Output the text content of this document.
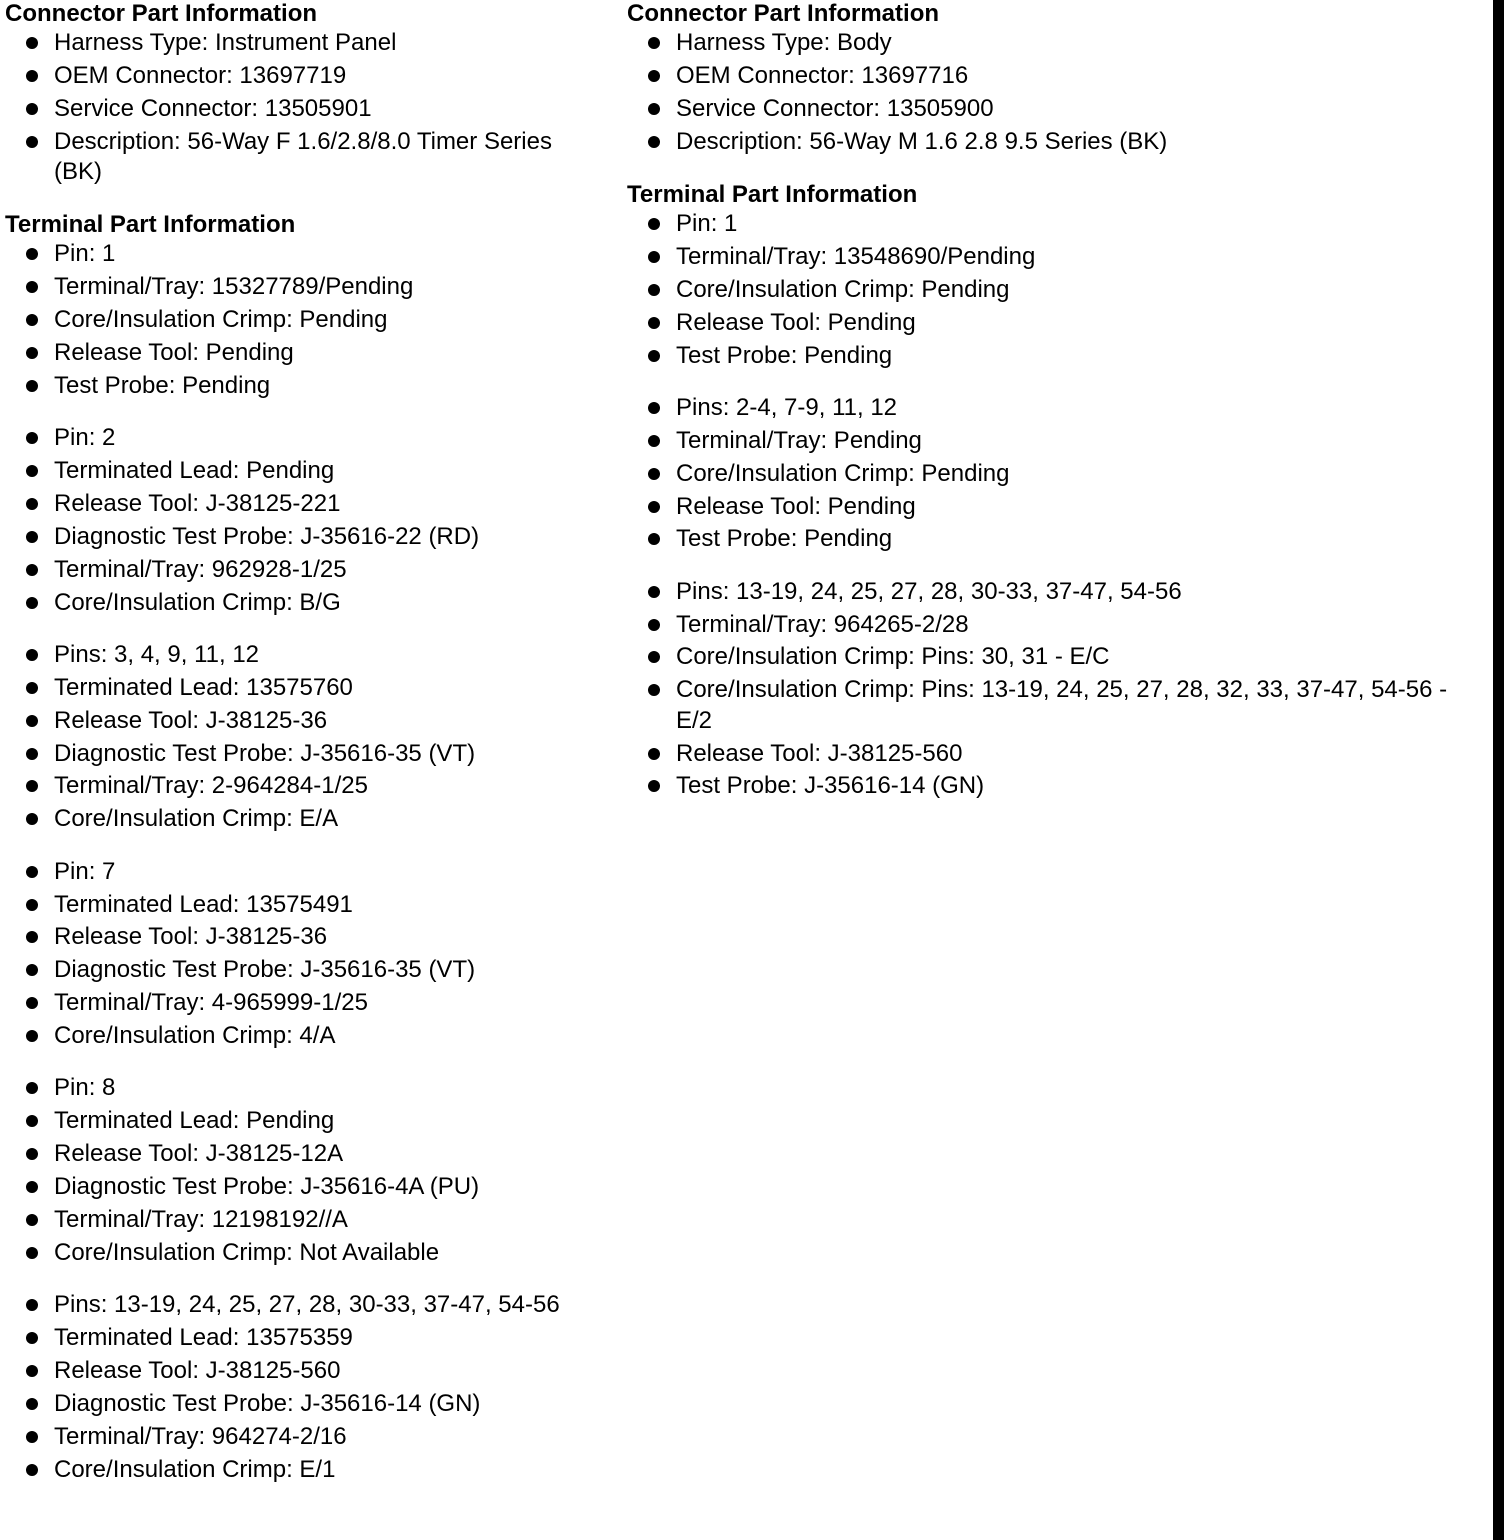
Connector Part Information
Harness Type: Instrument Panel
OEM Connector: 13697719
Service Connector: 13505901
Description: 56-Way F 1.6/2.8/8.0 Timer Series (BK)
Terminal Part Information
Pin: 1
Terminal/Tray: 15327789/Pending
Core/Insulation Crimp: Pending
Release Tool: Pending
Test Probe: Pending
Pin: 2
Terminated Lead: Pending
Release Tool: J-38125-221
Diagnostic Test Probe: J-35616-22 (RD)
Terminal/Tray: 962928-1/25
Core/Insulation Crimp: B/G
Pins: 3, 4, 9, 11, 12
Terminated Lead: 13575760
Release Tool: J-38125-36
Diagnostic Test Probe: J-35616-35 (VT)
Terminal/Tray: 2-964284-1/25
Core/Insulation Crimp: E/A
Pin: 7
Terminated Lead: 13575491
Release Tool: J-38125-36
Diagnostic Test Probe: J-35616-35 (VT)
Terminal/Tray: 4-965999-1/25
Core/Insulation Crimp: 4/A
Pin: 8
Terminated Lead: Pending
Release Tool: J-38125-12A
Diagnostic Test Probe: J-35616-4A (PU)
Terminal/Tray: 12198192//A
Core/Insulation Crimp: Not Available
Pins: 13-19, 24, 25, 27, 28, 30-33, 37-47, 54-56
Terminated Lead: 13575359
Release Tool: J-38125-560
Diagnostic Test Probe: J-35616-14 (GN)
Terminal/Tray: 964274-2/16
Core/Insulation Crimp: E/1
Connector Part Information
Harness Type: Body
OEM Connector: 13697716
Service Connector: 13505900
Description: 56-Way M 1.6 2.8 9.5 Series (BK)
Terminal Part Information
Pin: 1
Terminal/Tray: 13548690/Pending
Core/Insulation Crimp: Pending
Release Tool: Pending
Test Probe: Pending
Pins: 2-4, 7-9, 11, 12
Terminal/Tray: Pending
Core/Insulation Crimp: Pending
Release Tool: Pending
Test Probe: Pending
Pins: 13-19, 24, 25, 27, 28, 30-33, 37-47, 54-56
Terminal/Tray: 964265-2/28
Core/Insulation Crimp: Pins: 30, 31 - E/C
Core/Insulation Crimp: Pins: 13-19, 24, 25, 27, 28, 32, 33, 37-47, 54-56 - E/2
Release Tool: J-38125-560
Test Probe: J-35616-14 (GN)
